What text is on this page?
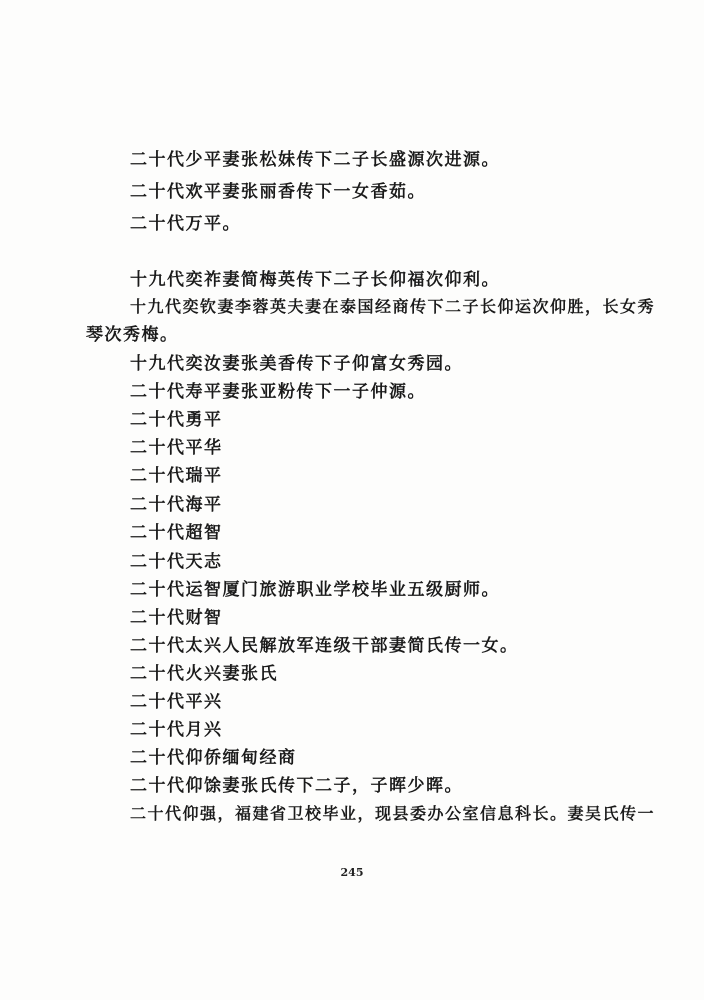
二十代少平妻张松妹传下二子长盛源次进源。
二十代欢平妻张丽香传下一女香茹。
二十代万平。
十九代奕祚妻简梅英传下二子长仰福次仰利。
十九代奕钦妻李蓉英夫妻在泰国经商传下二子长仰运次仰胜，长女秀
琴次秀梅。
十九代奕汝妻张美香传下子仰富女秀园。
二十代寿平妻张亚粉传下一子仲源。
二十代勇平
二十代平华
二十代瑞平
二十代海平
二十代超智
二十代天志
二十代运智厦门旅游职业学校毕业五级厨师。
二十代财智
二十代太兴人民解放军连级干部妻简氏传一女。
二十代火兴妻张氏
二十代平兴
二十代月兴
二十代仰侨缅甸经商
二十代仰馀妻张氏传下二子，子晖少晖。
二十代仰强，福建省卫校毕业，现县委办公室信息科长。妻吴氏传一
245
